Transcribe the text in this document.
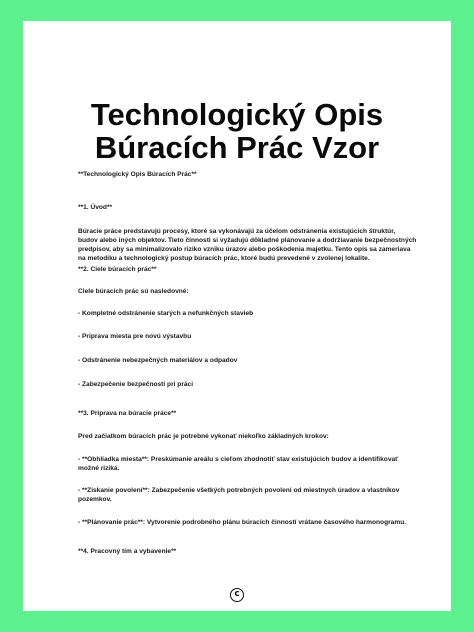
Technologický Opis
Búracích Prác Vzor
**Technologický Opis Búracích Prác**
**1. Úvod**
Búracie práce predstavujú procesy, ktoré sa vykonávajú za účelom odstránenia existujúcich štruktúr,
budov alebo iných objektov. Tieto činnosti si vyžadujú dôkladné plánovanie a dodržiavanie bezpečnostných
predpisov, aby sa minimalizovalo riziko vzniku úrazov alebo poškodenia majetku. Tento opis sa zameriava
na metodiku a technologický postup búracích prác, ktoré budú prevedené v zvolenej lokalite.
**2. Ciele búracích prác**
Ciele búracích prác sú nasledovné:
- Kompletné odstránenie starých a nefunkčných stavieb
- Príprava miesta pre novú výstavbu
- Odstránenie nebezpečných materiálov a odpadov
- Zabezpečenie bezpečnosti pri práci
**3. Príprava na búracie práce**
Pred začiatkom búracích prác je potrebné vykonať niekoľko základných krokov:
- **Obhliadka miesta**: Preskúmanie areálu s cieľom zhodnotiť stav existujúcich budov a identifikovať
možné riziká.
- **Získanie povolení**: Zabezpečenie všetkých potrebných povolení od miestnych úradov a vlastníkov
pozemkov.
- **Plánovanie prác**: Vytvorenie podrobného plánu búracích činností vrátane časového harmonogramu.
**4. Pracovný tím a vybavenie**
c
